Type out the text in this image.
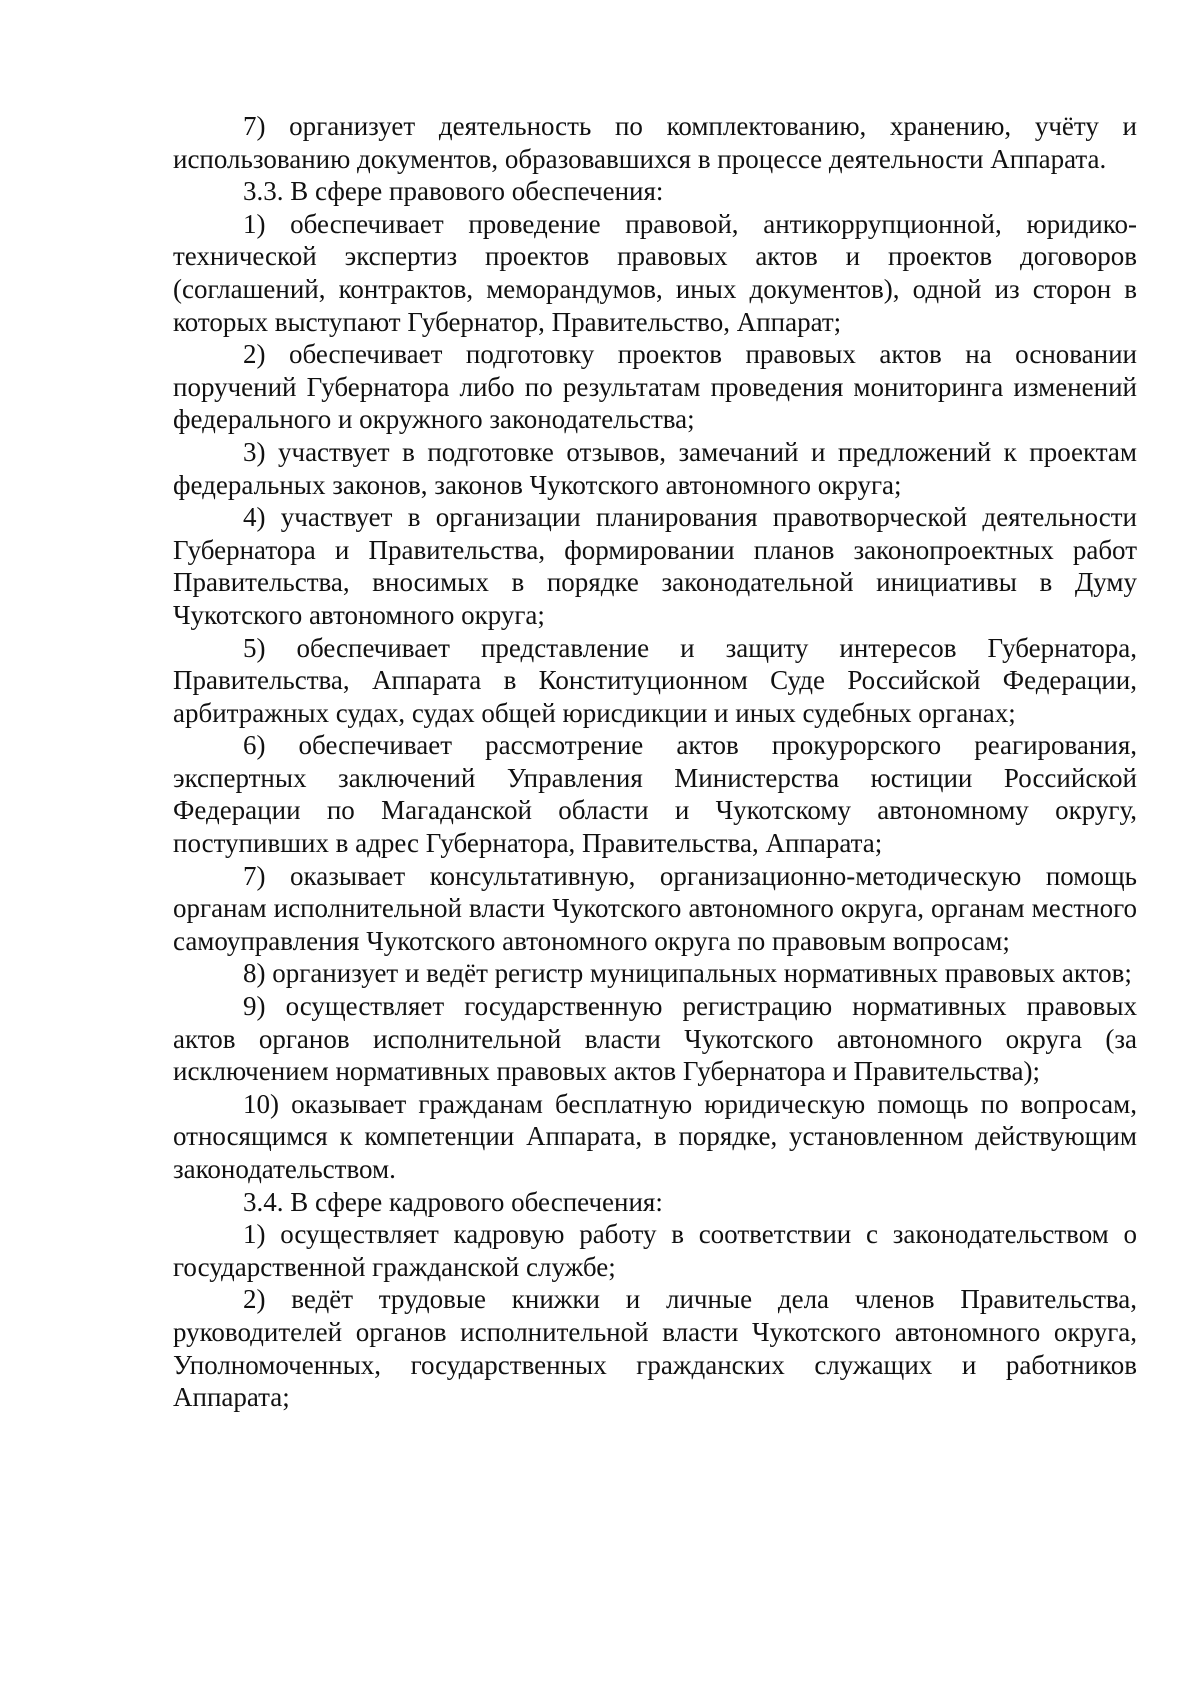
7) организует деятельность по комплектованию, хранению, учёту и использованию документов, образовавшихся в процессе деятельности Аппарата.

3.3. В сфере правового обеспечения:

1) обеспечивает проведение правовой, антикоррупционной, юридико-технической экспертиз проектов правовых актов и проектов договоров (соглашений, контрактов, меморандумов, иных документов), одной из сторон в которых выступают Губернатор, Правительство, Аппарат;

2) обеспечивает подготовку проектов правовых актов на основании поручений Губернатора либо по результатам проведения мониторинга изменений федерального и окружного законодательства;

3) участвует в подготовке отзывов, замечаний и предложений к проектам федеральных законов, законов Чукотского автономного округа;

4) участвует в организации планирования правотворческой деятельности Губернатора и Правительства, формировании планов законопроектных работ Правительства, вносимых в порядке законодательной инициативы в Думу Чукотского автономного округа;

5) обеспечивает представление и защиту интересов Губернатора, Правительства, Аппарата в Конституционном Суде Российской Федерации, арбитражных судах, судах общей юрисдикции и иных судебных органах;

6) обеспечивает рассмотрение актов прокурорского реагирования, экспертных заключений Управления Министерства юстиции Российской Федерации по Магаданской области и Чукотскому автономному округу, поступивших в адрес Губернатора, Правительства, Аппарата;

7) оказывает консультативную, организационно-методическую помощь органам исполнительной власти Чукотского автономного округа, органам местного самоуправления Чукотского автономного округа по правовым вопросам;

8) организует и ведёт регистр муниципальных нормативных правовых актов;

9) осуществляет государственную регистрацию нормативных правовых актов органов исполнительной власти Чукотского автономного округа (за исключением нормативных правовых актов Губернатора и Правительства);

10) оказывает гражданам бесплатную юридическую помощь по вопросам, относящимся к компетенции Аппарата, в порядке, установленном действующим законодательством.

3.4. В сфере кадрового обеспечения:

1) осуществляет кадровую работу в соответствии с законодательством о государственной гражданской службе;

2) ведёт трудовые книжки и личные дела членов Правительства, руководителей органов исполнительной власти Чукотского автономного округа, Уполномоченных, государственных гражданских служащих и работников Аппарата;
